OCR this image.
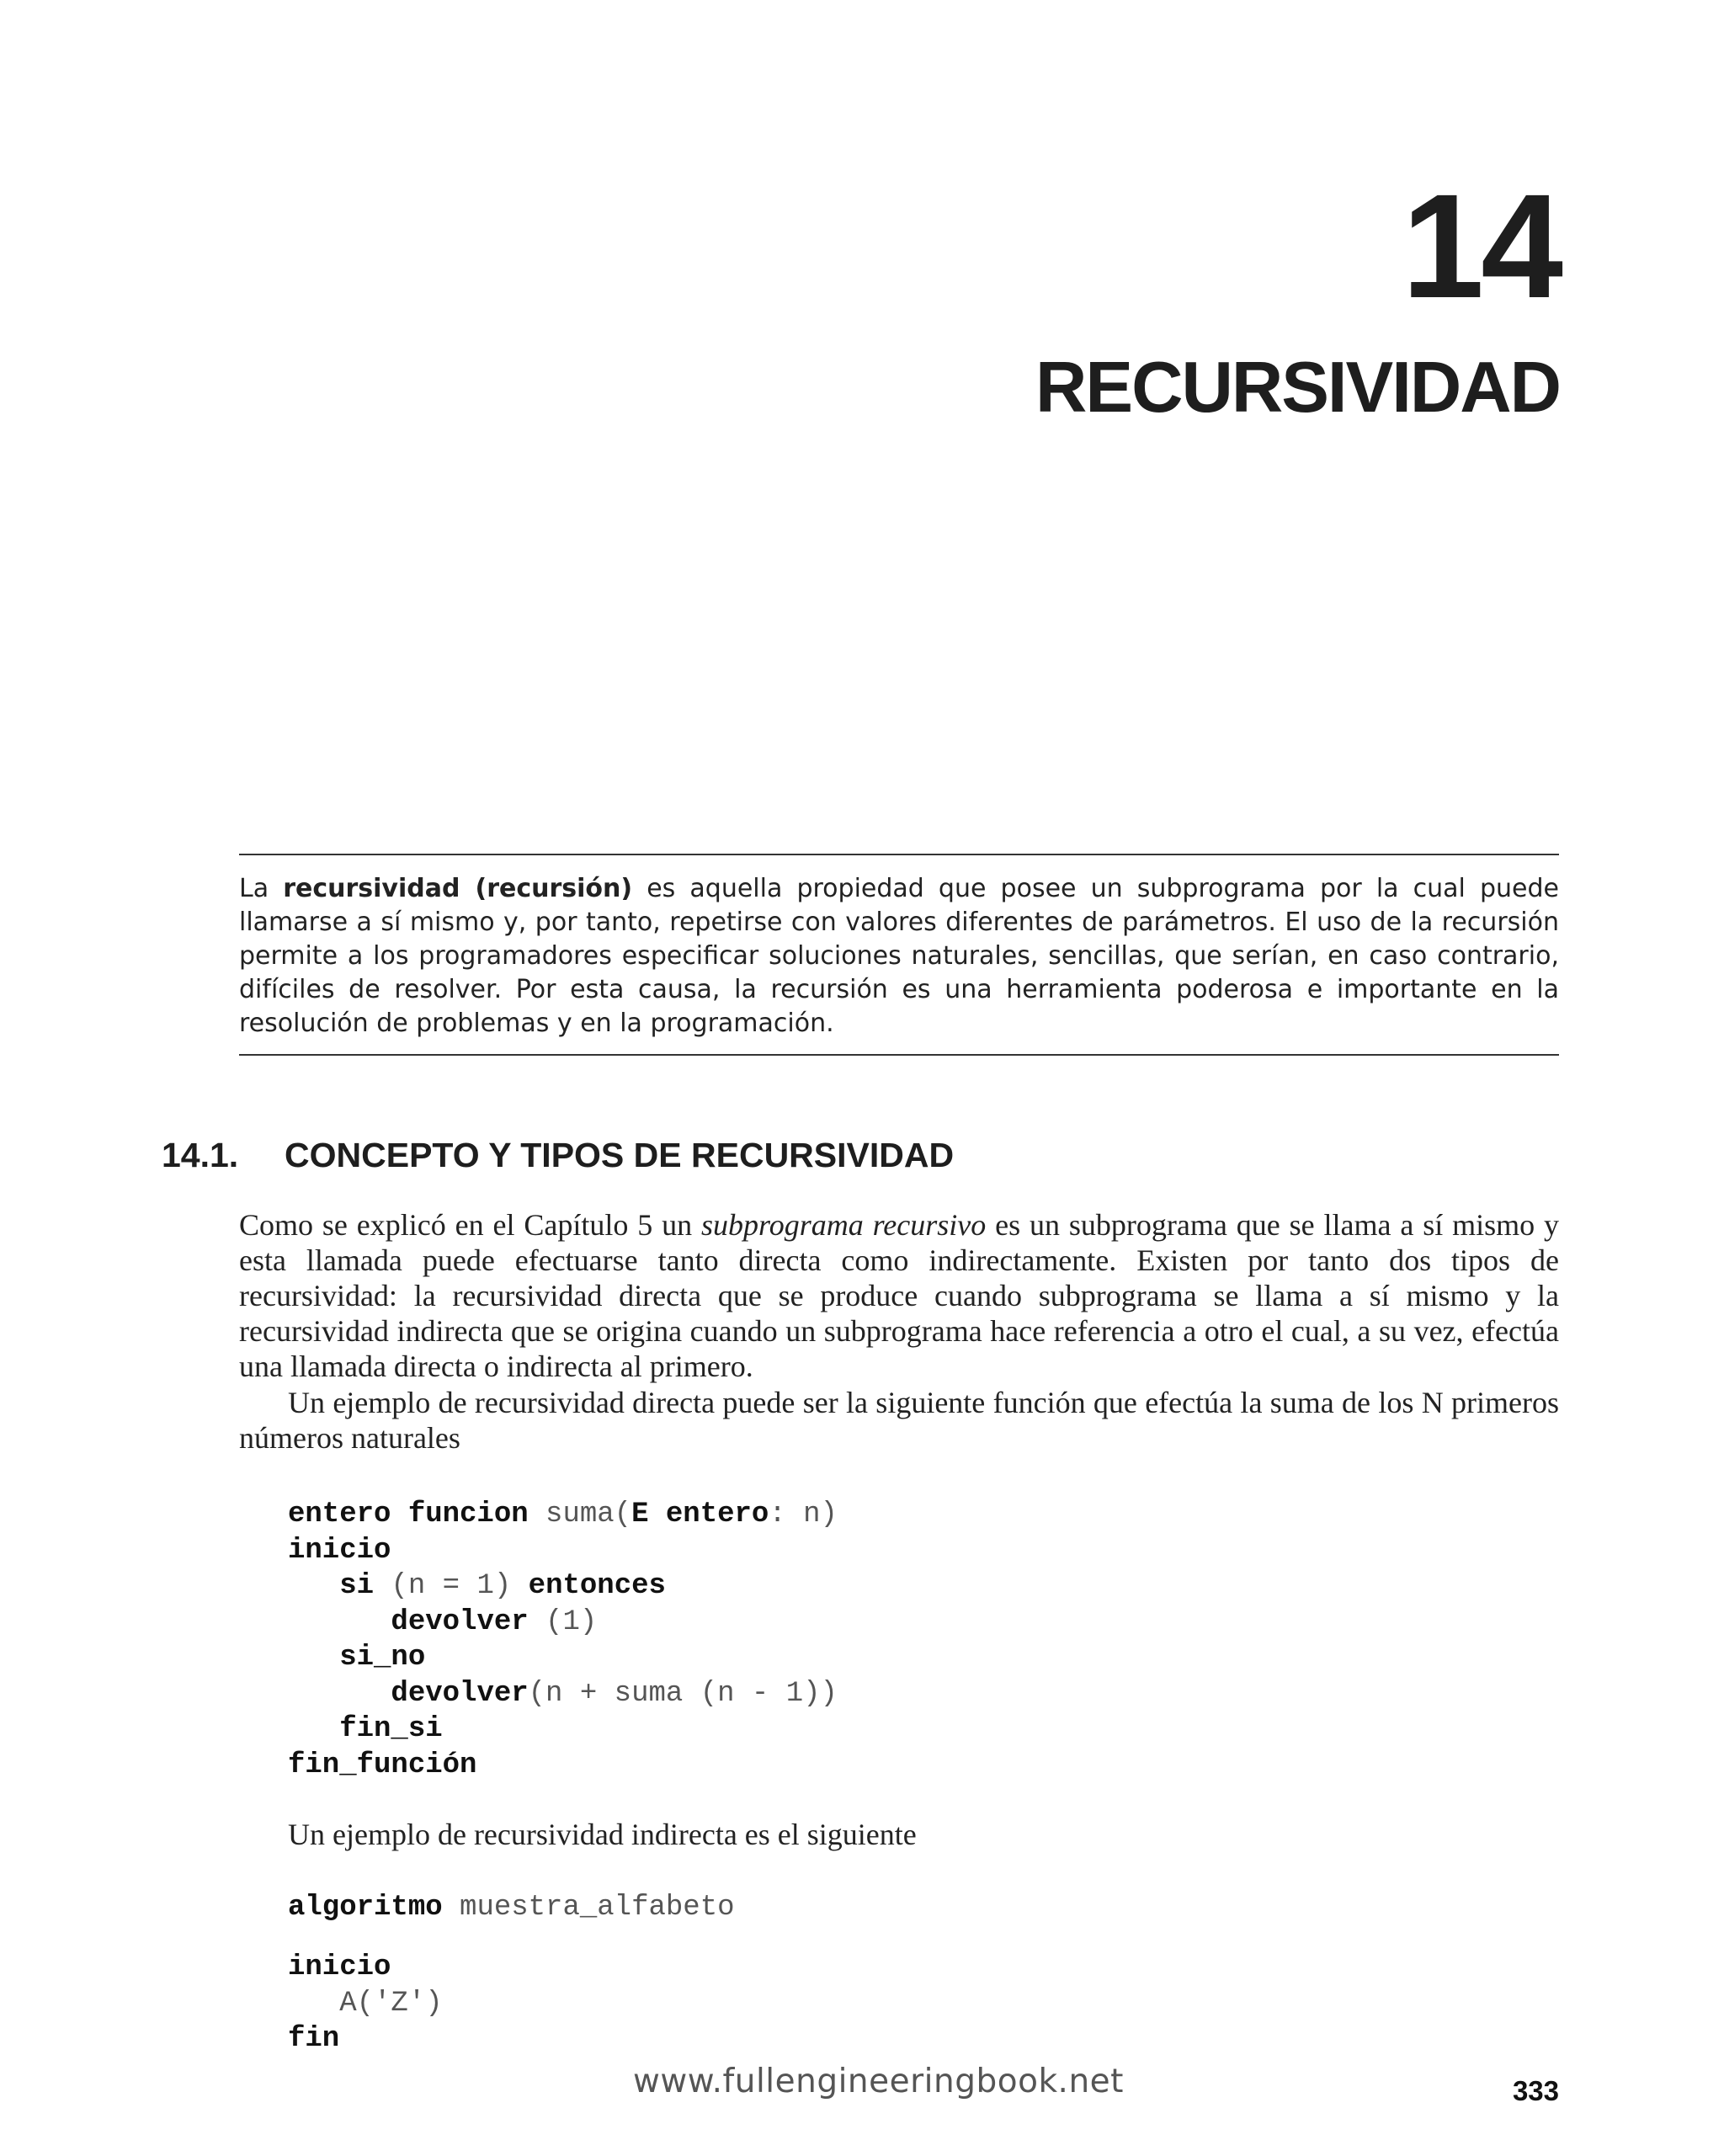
14
RECURSIVIDAD

La recursividad (recursión) es aquella propiedad que posee un subprograma por la cual puede llamarse a sí mismo y, por tanto, repetirse con valores diferentes de parámetros. El uso de la recursión permite a los programadores especificar soluciones naturales, sencillas, que serían, en caso contrario, difíciles de resolver. Por esta causa, la recursión es una herramienta poderosa e importante en la resolución de problemas y en la programación.

14.1.	CONCEPTO Y TIPOS DE RECURSIVIDAD

Como se explicó en el Capítulo 5 un subprograma recursivo es un subprograma que se llama a sí mismo y esta llamada puede efectuarse tanto directa como indirectamente. Existen por tanto dos tipos de recursividad: la recursividad directa que se produce cuando subprograma se llama a sí mismo y la recursividad indirecta que se origina cuando un subprograma hace referencia a otro el cual, a su vez, efectúa una llamada directa o indirecta al primero.

Un ejemplo de recursividad directa puede ser la siguiente función que efectúa la suma de los N primeros números naturales

entero funcion suma(E entero: n)
inicio
si (n = 1) entonces
devolver (1)
si_no
devolver(n + suma (n - 1))
fin_si
fin_función

Un ejemplo de recursividad indirecta es el siguiente

algoritmo muestra_alfabeto
inicio
A('Z')
fin
www.fullengineeringbook.net	333
